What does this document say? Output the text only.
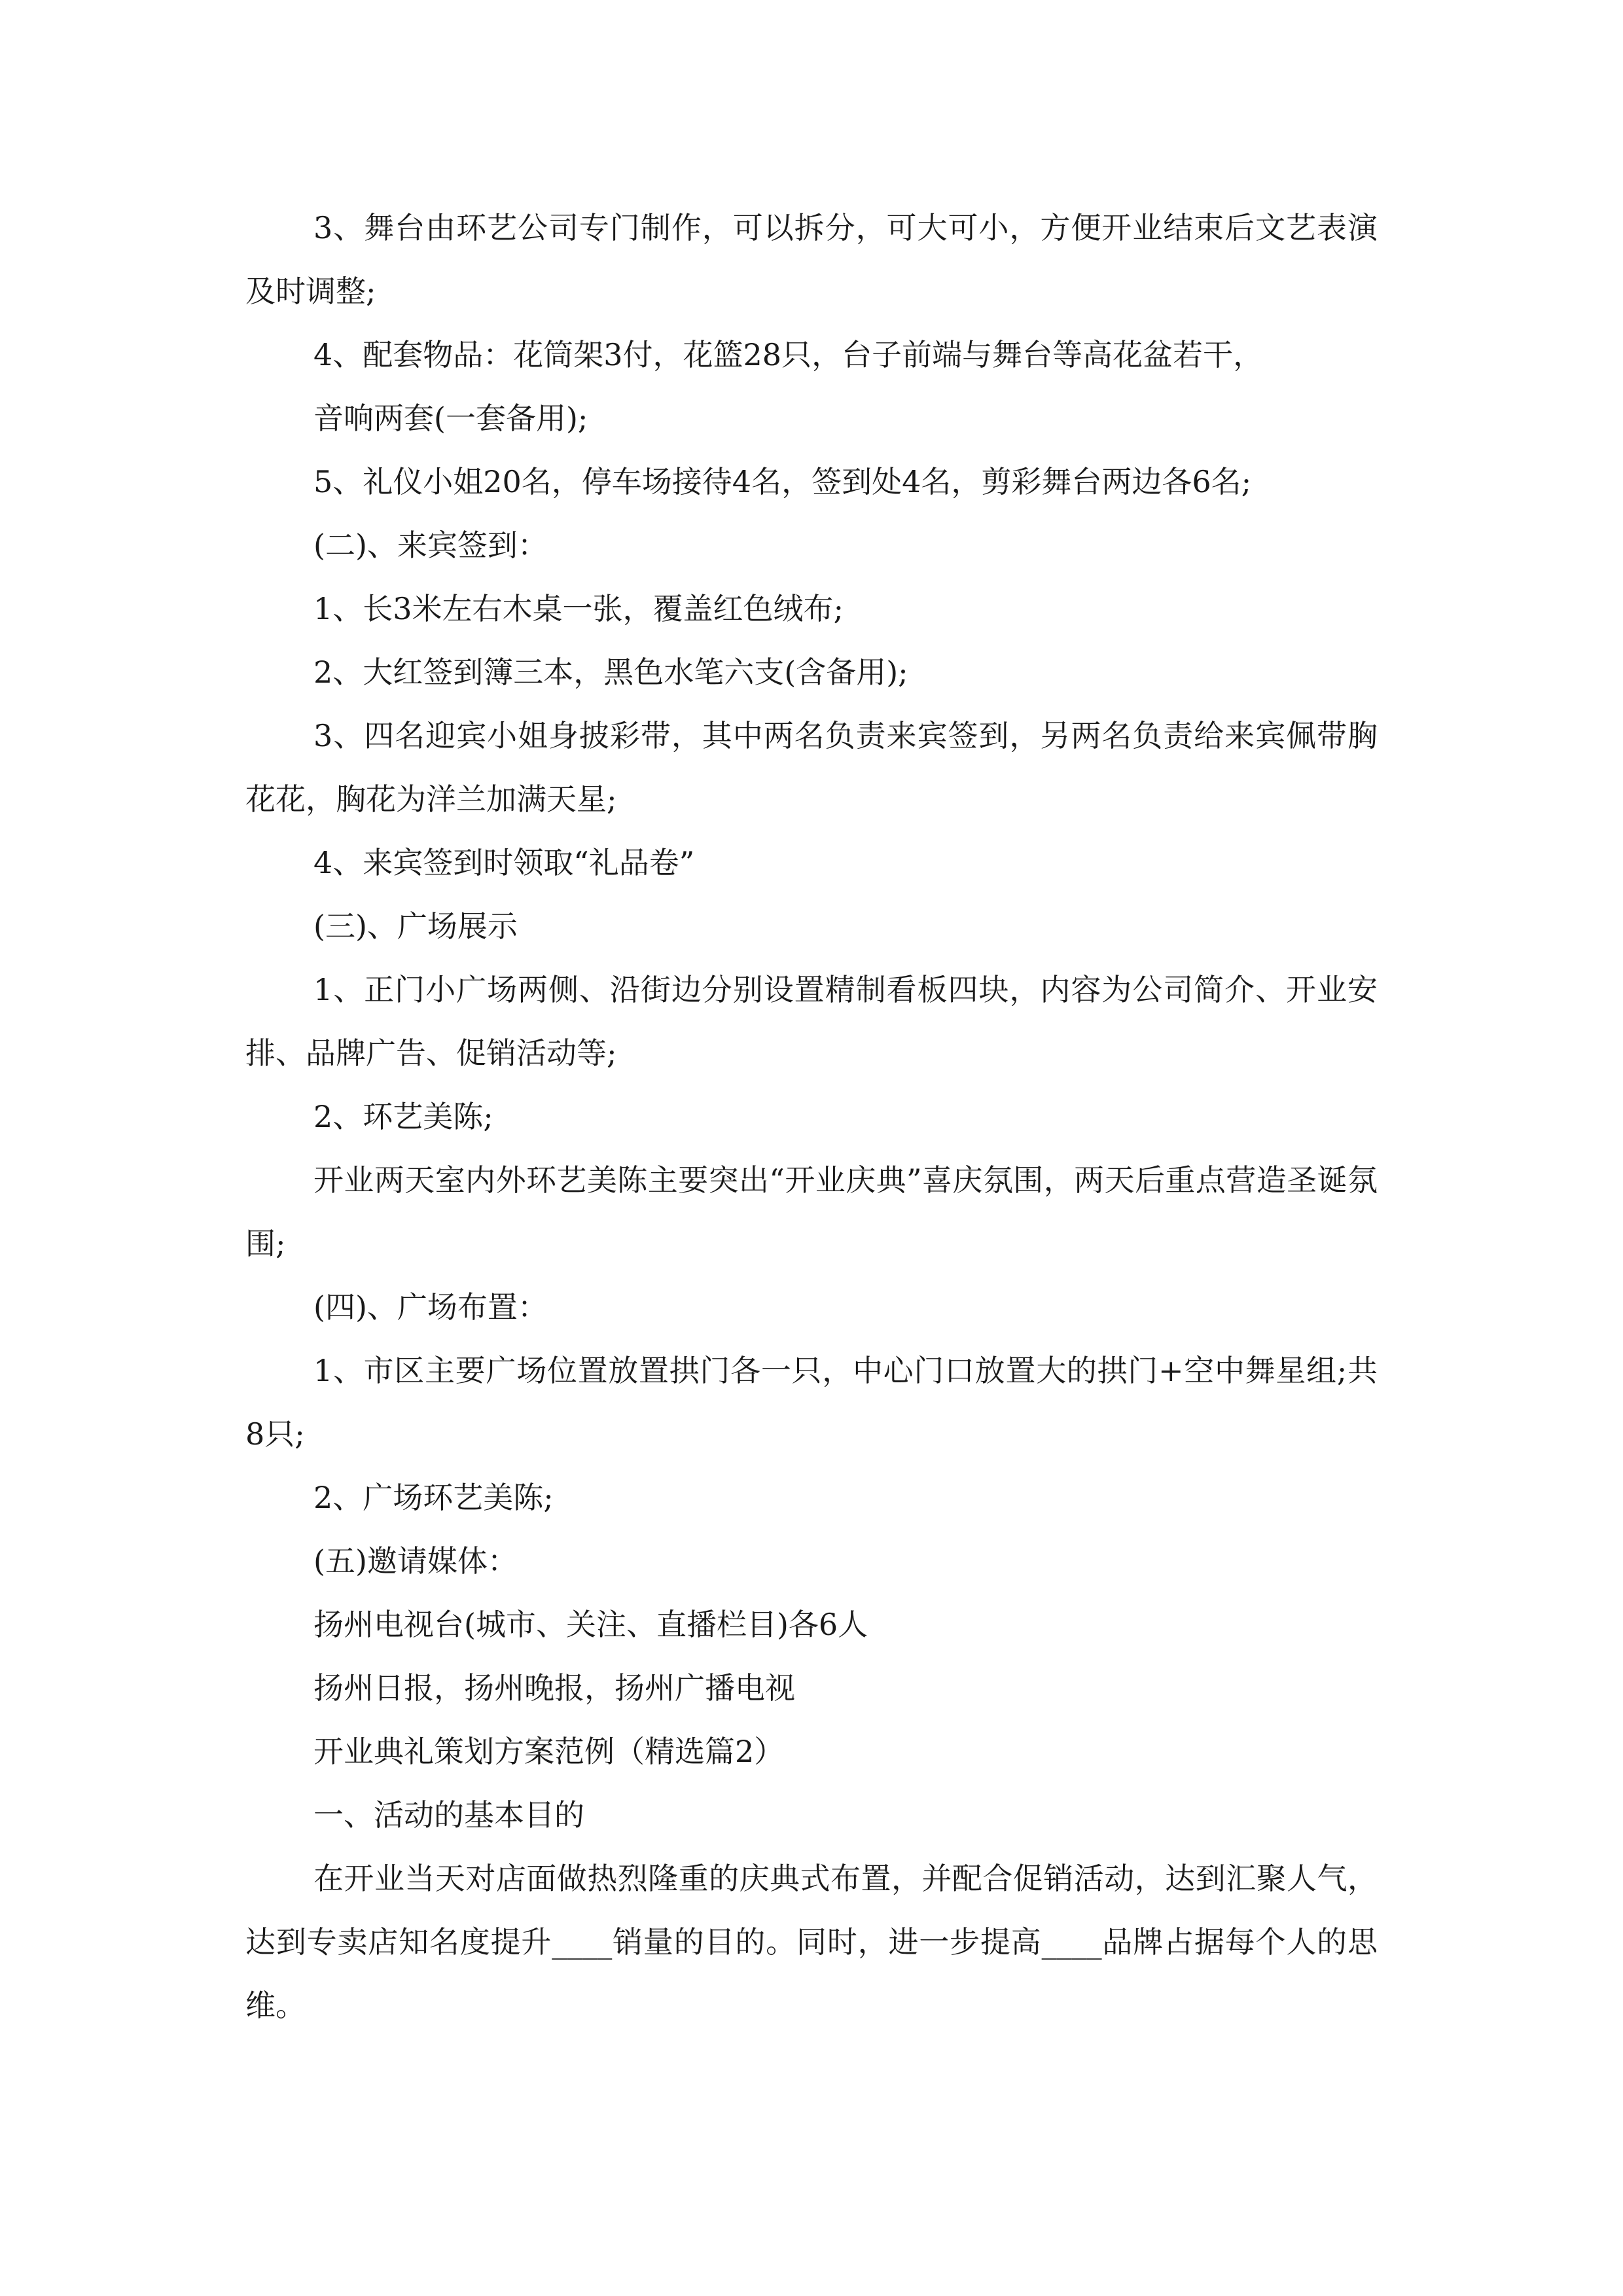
3、舞台由环艺公司专门制作，可以拆分，可大可小，方便开业结束后文艺表演及时调整;

4、配套物品：花筒架3付，花篮28只，台子前端与舞台等高花盆若干，

音响两套(一套备用);

5、礼仪小姐20名，停车场接待4名，签到处4名，剪彩舞台两边各6名;

(二)、来宾签到：

1、长3米左右木桌一张，覆盖红色绒布;

2、大红签到簿三本，黑色水笔六支(含备用);

3、四名迎宾小姐身披彩带，其中两名负责来宾签到，另两名负责给来宾佩带胸花花，胸花为洋兰加满天星;

4、来宾签到时领取“礼品卷”

(三)、广场展示

1、正门小广场两侧、沿街边分别设置精制看板四块，内容为公司简介、开业安排、品牌广告、促销活动等;

2、环艺美陈;

开业两天室内外环艺美陈主要突出“开业庆典”喜庆氛围，两天后重点营造圣诞氛围;

(四)、广场布置：

1、市区主要广场位置放置拱门各一只，中心门口放置大的拱门+空中舞星组;共8只;

2、广场环艺美陈;

(五)邀请媒体：

扬州电视台(城市、关注、直播栏目)各6人

扬州日报，扬州晚报，扬州广播电视

开业典礼策划方案范例（精选篇2）

一、活动的基本目的

在开业当天对店面做热烈隆重的庆典式布置，并配合促销活动，达到汇聚人气，达到专卖店知名度提升____销量的目的。同时，进一步提高____品牌占据每个人的思维。
